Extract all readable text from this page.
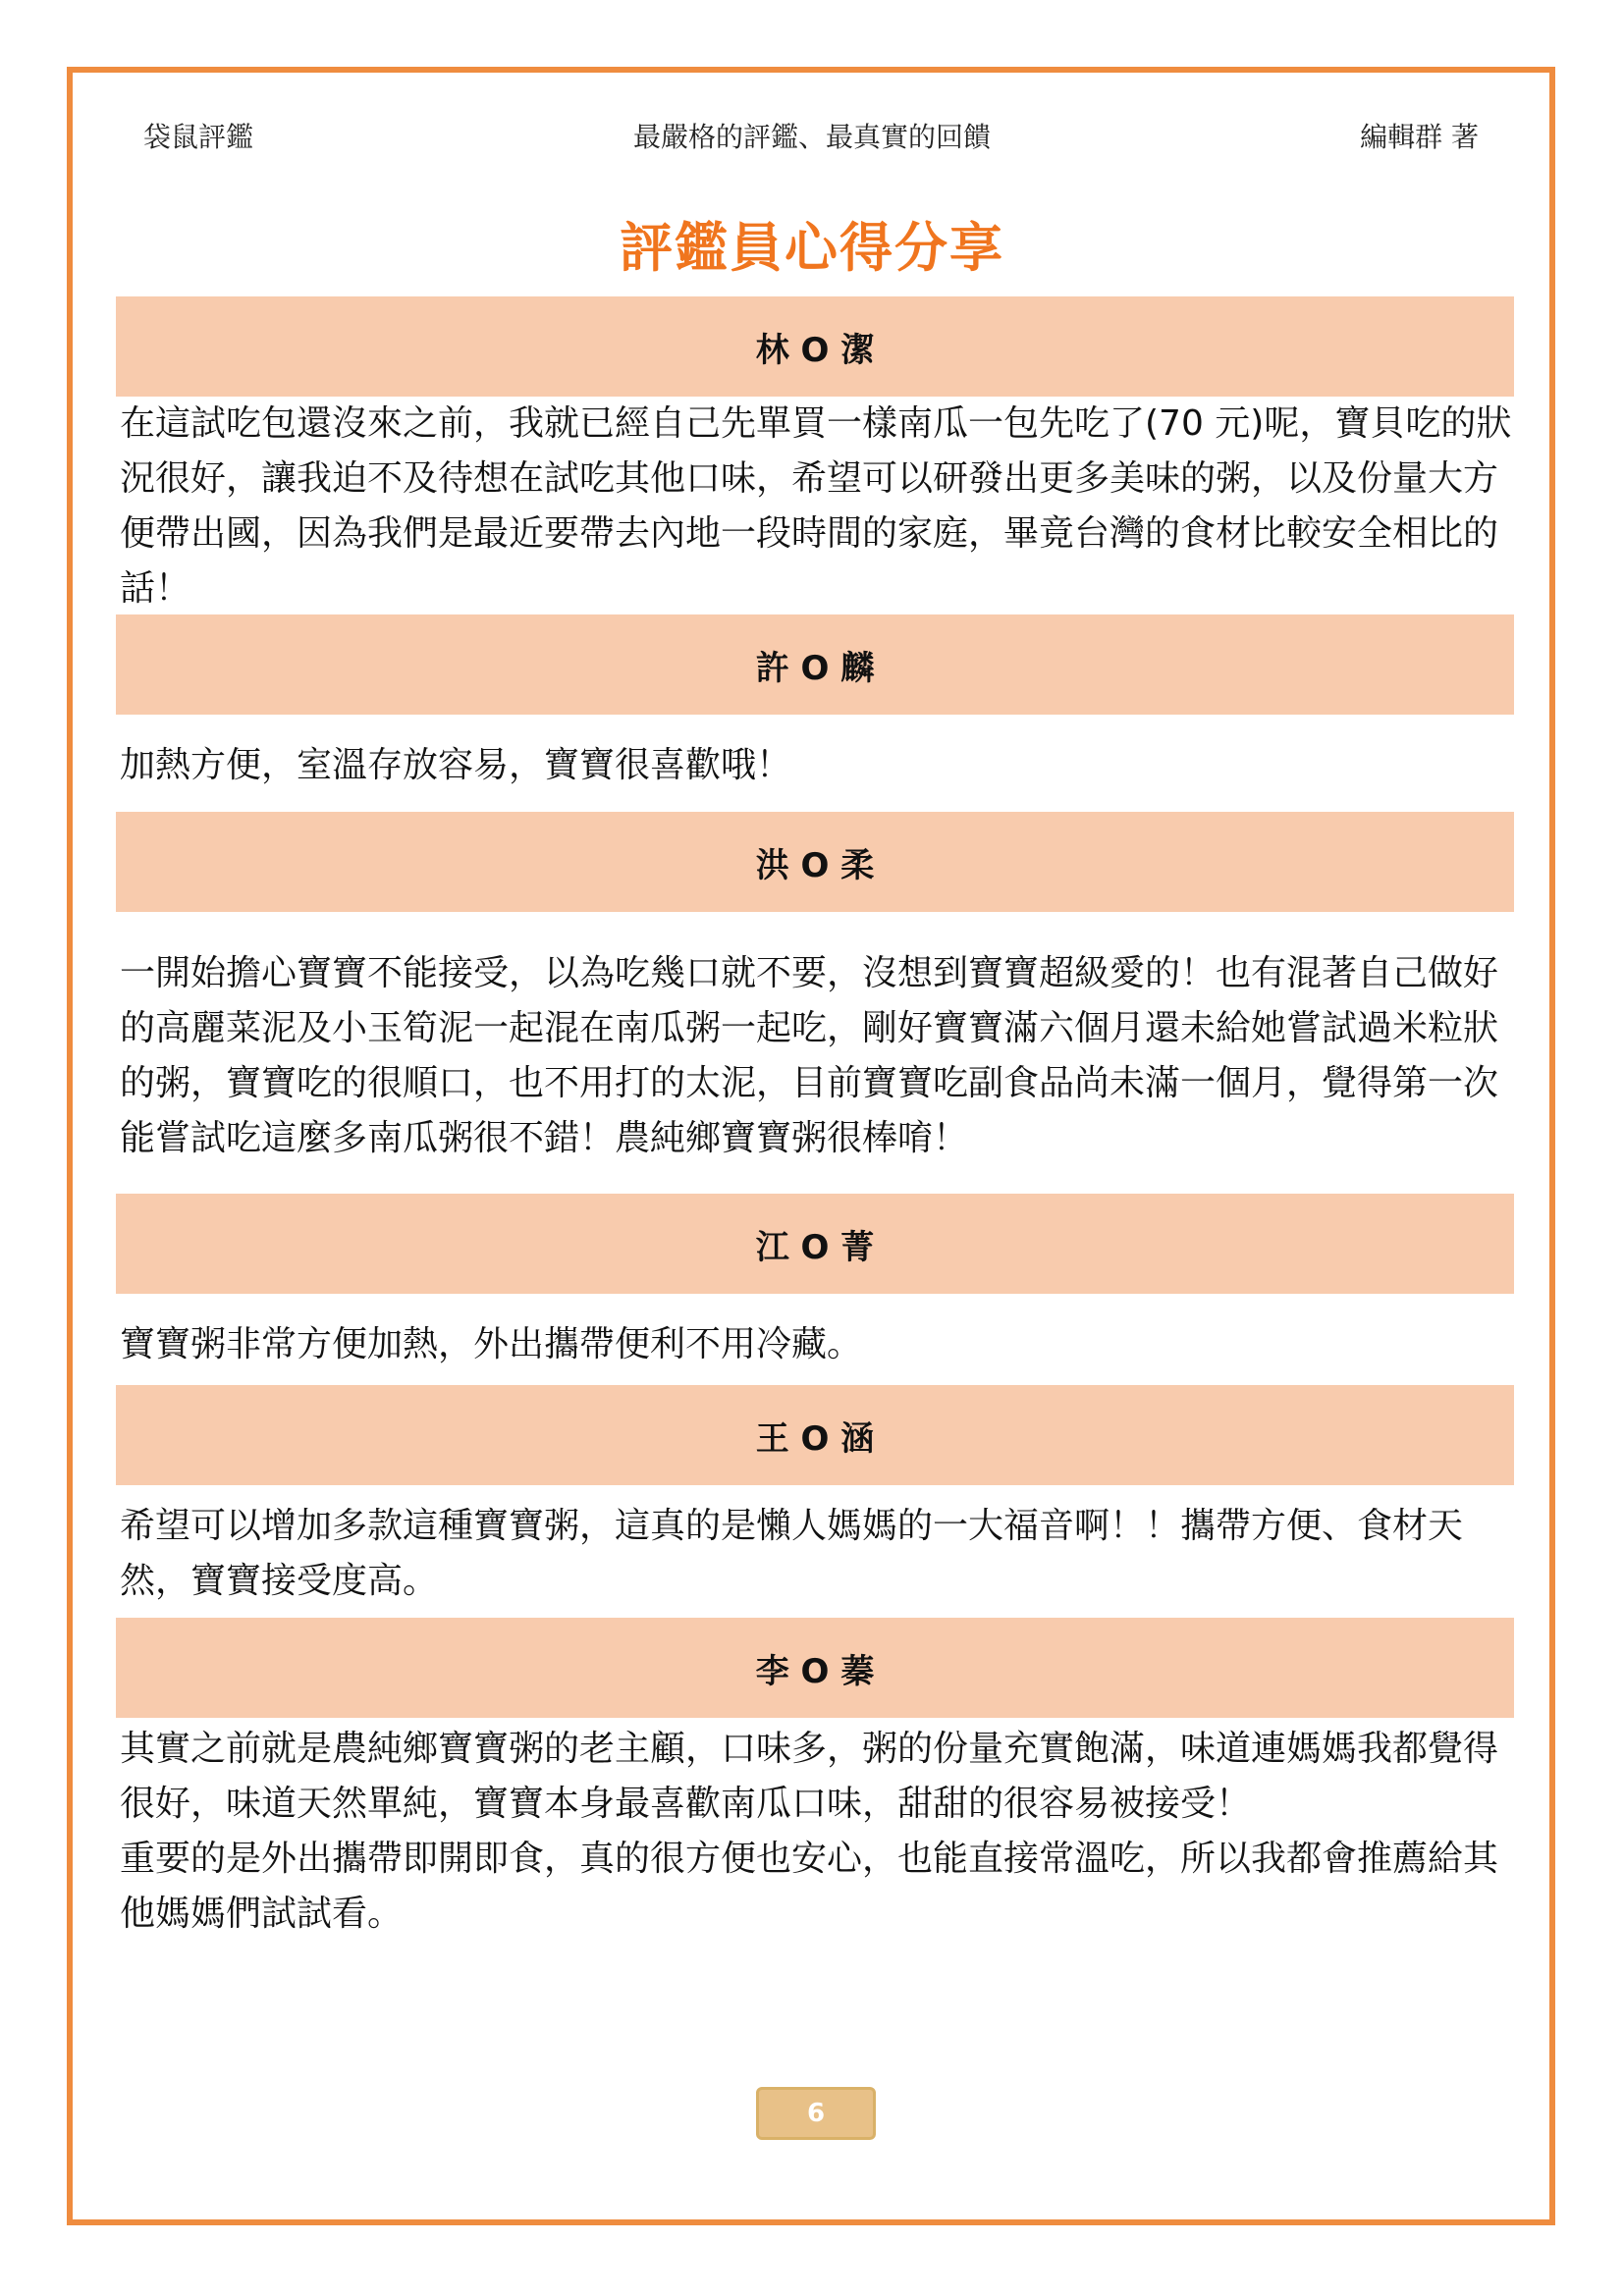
袋鼠評鑑	最嚴格的評鑑、最真實的回饋	編輯群 著
評鑑員心得分享
林 O 潔

在這試吃包還沒來之前，我就已經自己先單買一樣南瓜一包先吃了(70 元)呢，寶貝吃的狀況很好，讓我迫不及待想在試吃其他口味，希望可以研發出更多美味的粥，以及份量大方便帶出國，因為我們是最近要帶去內地一段時間的家庭，畢竟台灣的食材比較安全相比的話！

許 O 麟

加熱方便，室溫存放容易，寶寶很喜歡哦！

洪 O 柔

一開始擔心寶寶不能接受，以為吃幾口就不要，沒想到寶寶超級愛的！也有混著自己做好的高麗菜泥及小玉筍泥一起混在南瓜粥一起吃，剛好寶寶滿六個月還未給她嘗試過米粒狀的粥，寶寶吃的很順口，也不用打的太泥，目前寶寶吃副食品尚未滿一個月，覺得第一次能嘗試吃這麼多南瓜粥很不錯！農純鄉寶寶粥很棒唷！

江 O 菁

寶寶粥非常方便加熱，外出攜帶便利不用冷藏。

王 O 涵

希望可以增加多款這種寶寶粥，這真的是懶人媽媽的一大福音啊！！攜帶方便、食材天然，寶寶接受度高。

李 O 蓁

其實之前就是農純鄉寶寶粥的老主顧，口味多，粥的份量充實飽滿，味道連媽媽我都覺得很好，味道天然單純，寶寶本身最喜歡南瓜口味，甜甜的很容易被接受！

重要的是外出攜帶即開即食，真的很方便也安心，也能直接常溫吃，所以我都會推薦給其他媽媽們試試看。

6
